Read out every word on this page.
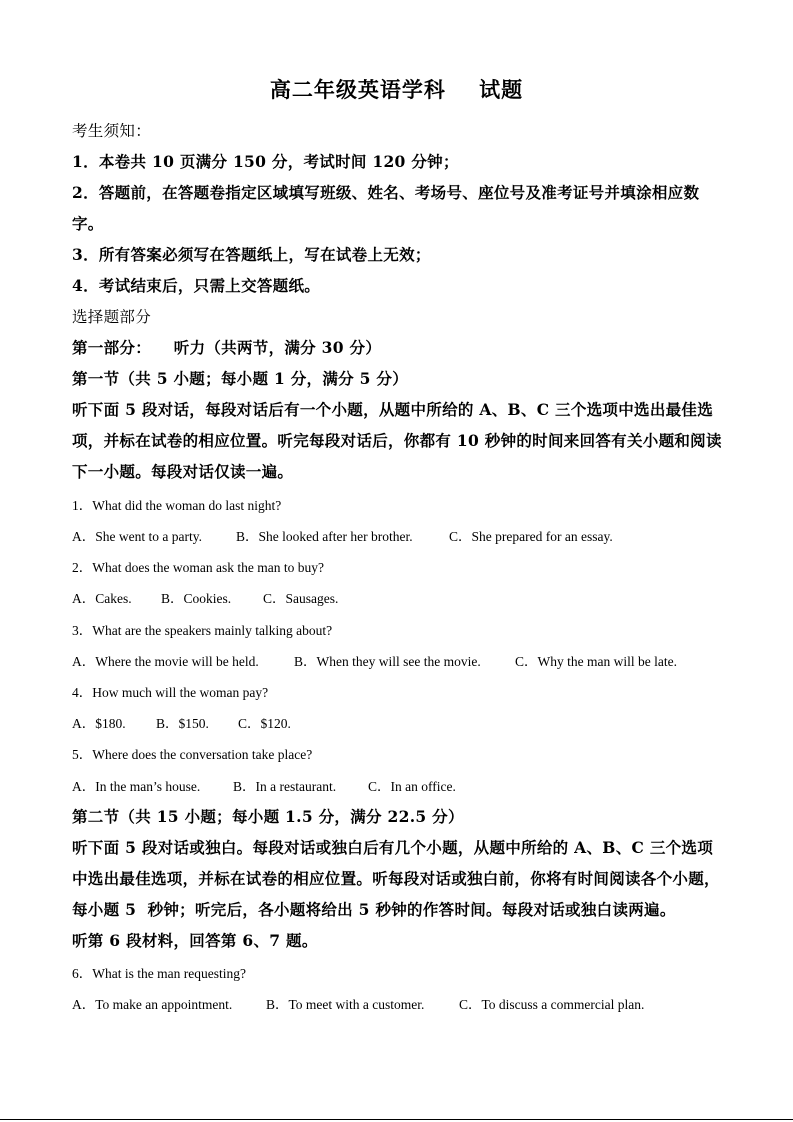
高二年级英语学科    试题
考生须知：
1．本卷共 10 页满分 150 分，考试时间 120 分钟；
2．答题前，在答题卷指定区域填写班级、姓名、考场号、座位号及准考证号并填涂相应数
字。
3．所有答案必须写在答题纸上，写在试卷上无效；
4．考试结束后，只需上交答题纸。
选择题部分
第一部分：    听力（共两节，满分 30 分）
第一节（共 5 小题；每小题 1 分，满分 5 分）
听下面 5 段对话，每段对话后有一个小题，从题中所给的 A、B、C 三个选项中选出最佳选
项，并标在试卷的相应位置。听完每段对话后，你都有 10 秒钟的时间来回答有关小题和阅读
下一小题。每段对话仅读一遍。
1．What did the woman do last night?
A．She went to a party.	B．She looked after her brother.	C．She prepared for an essay.
2．What does the woman ask the man to buy?
A．Cakes. B．Cookies. C．Sausages.
3．What are the speakers mainly talking about?
A．Where the movie will be held.	B．When they will see the movie.	C．Why the man will be late.
4．How much will the woman pay?
A．$180. B．$150. C．$120.
5．Where does the conversation take place?
A．In the man’s house. B．In a restaurant. C．In an office.
第二节（共 15 小题；每小题 1.5 分，满分 22.5 分）
听下面 5 段对话或独白。每段对话或独白后有几个小题，从题中所给的 A、B、C 三个选项
中选出最佳选项，并标在试卷的相应位置。听每段对话或独白前，你将有时间阅读各个小题，
每小题 5  秒钟；听完后，各小题将给出 5 秒钟的作答时间。每段对话或独白读两遍。
听第 6 段材料，回答第 6、7 题。
6．What is the man requesting?
A．To make an appointment. B．To meet with a customer.	C．To discuss a commercial plan.
